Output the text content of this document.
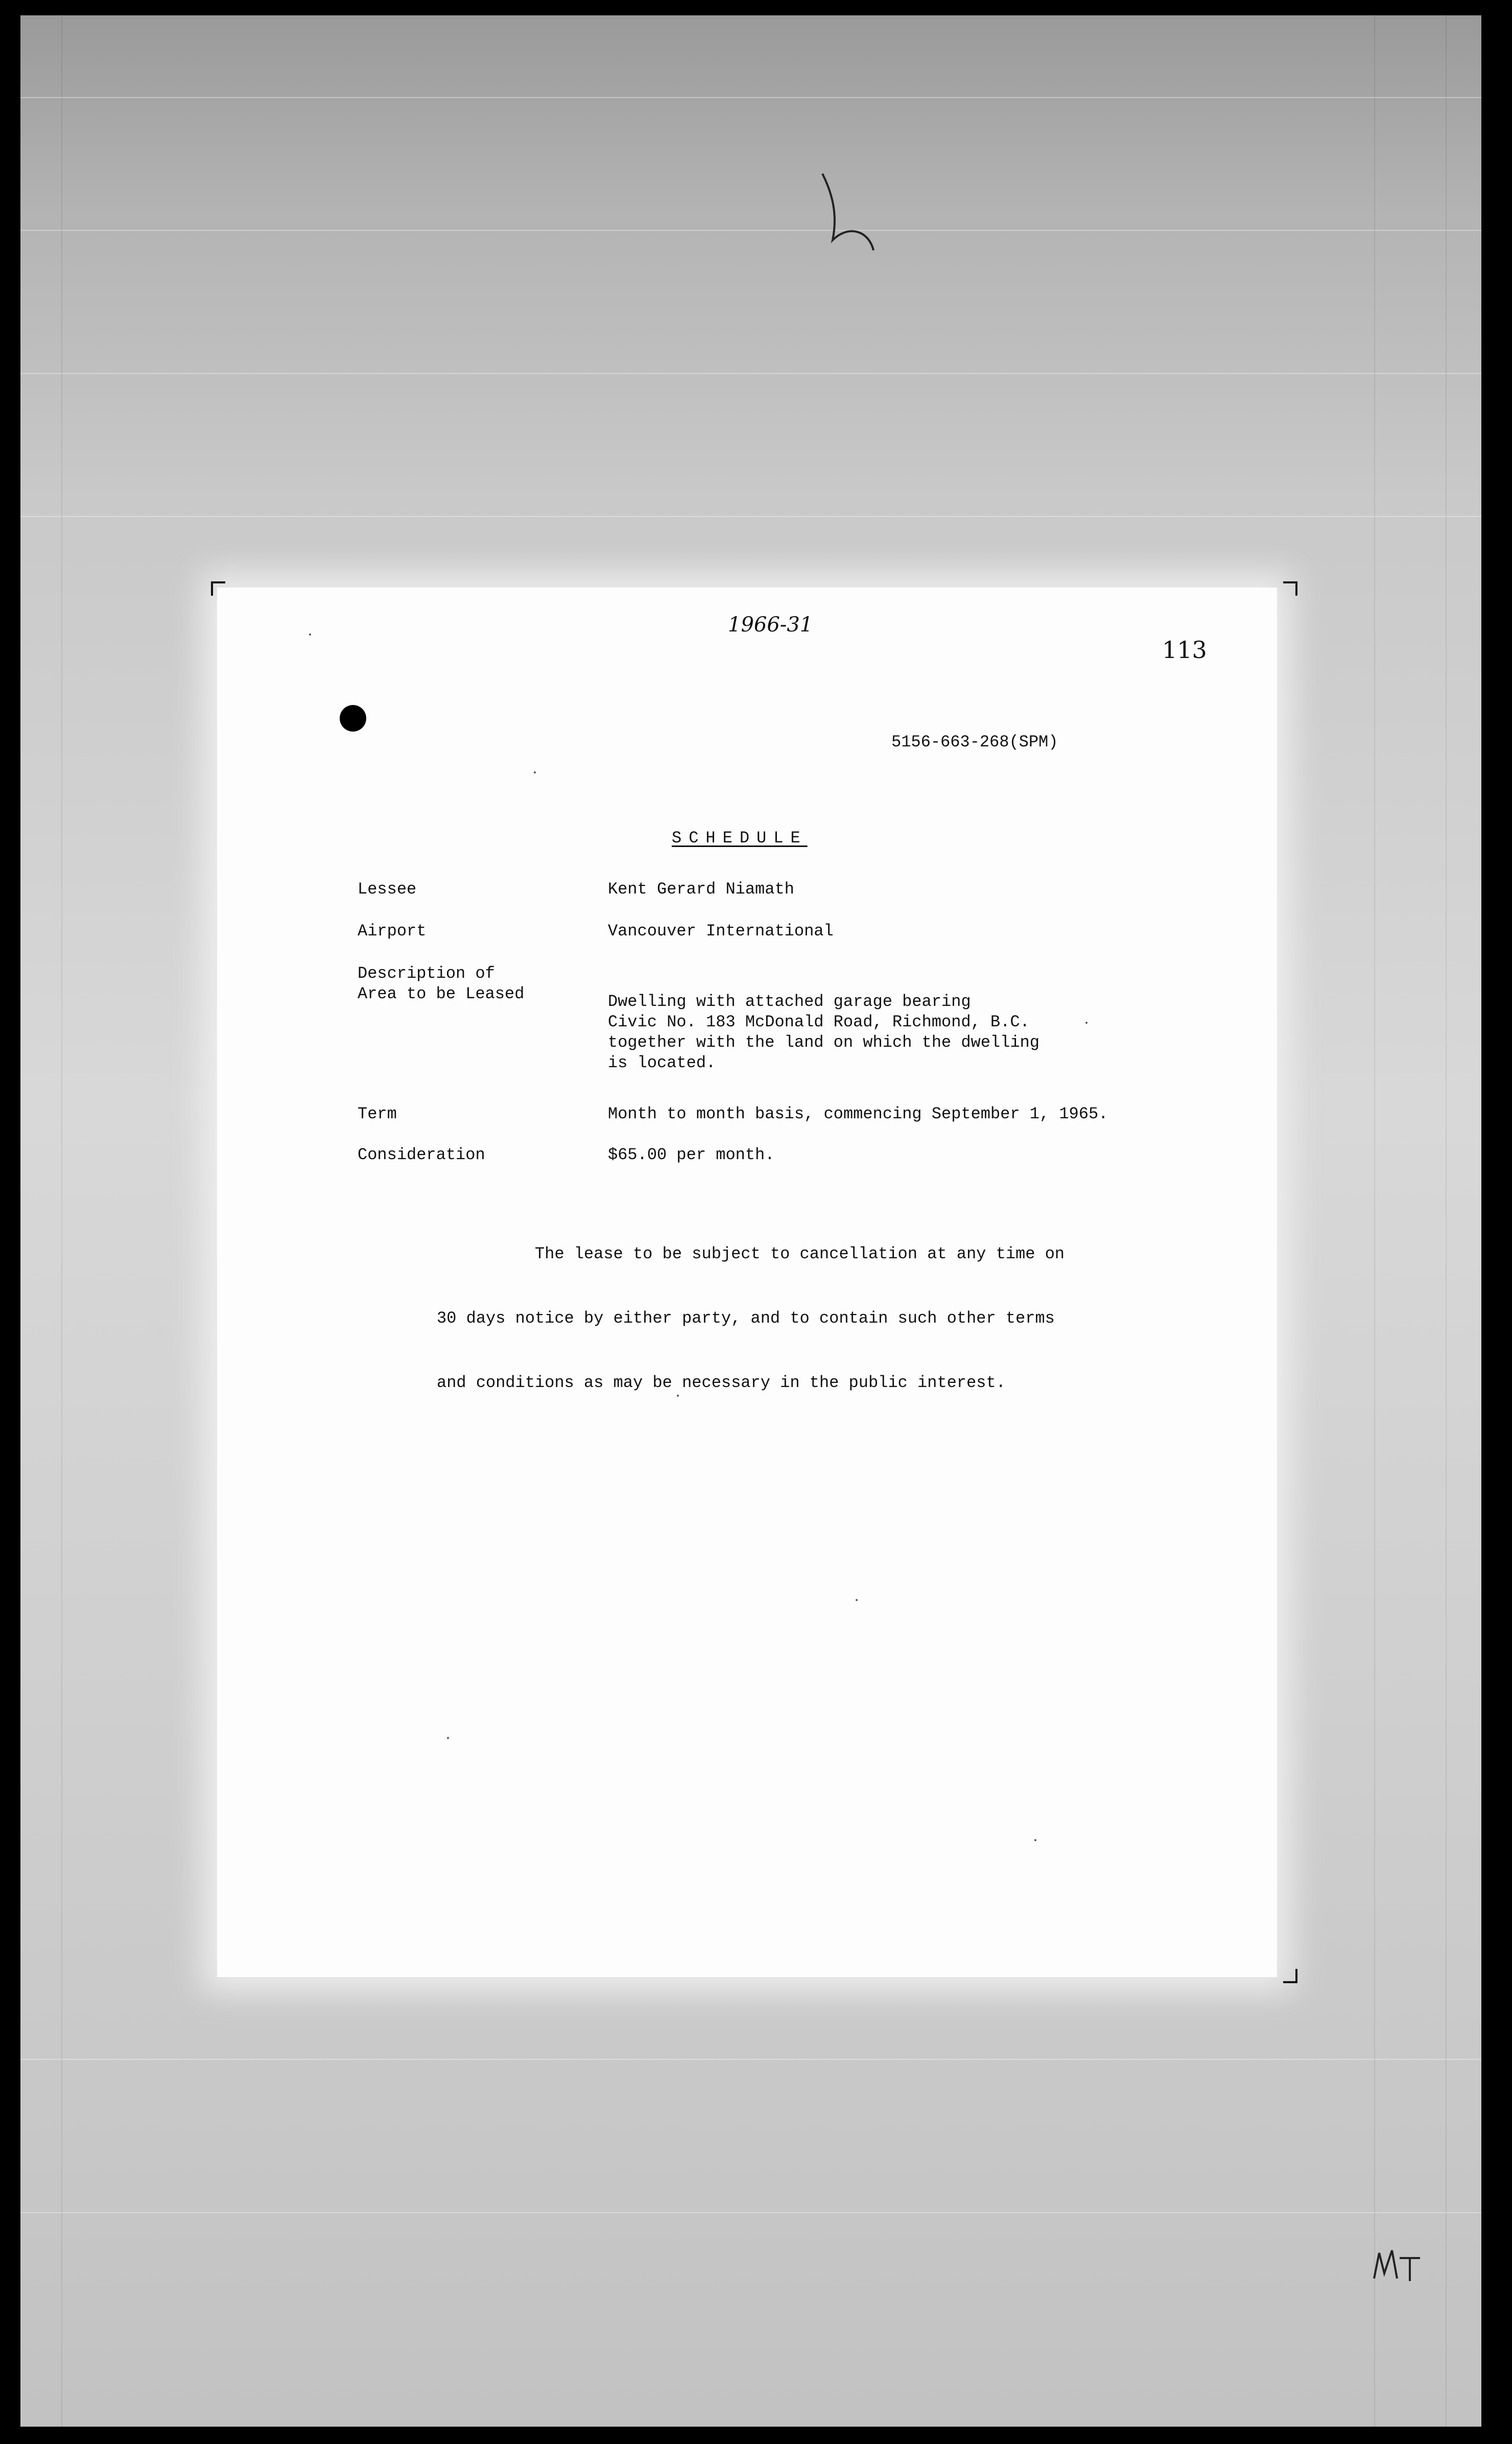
1966-31
113
5156-663-268(SPM)
SCHEDULE
Lessee	Kent Gerard Niamath
Airport	Vancouver International
Description of
Area to be Leased	Dwelling with attached garage bearing
Civic No. 183 McDonald Road, Richmond, B.C.
together with the land on which the dwelling
is located.
Term	Month to month basis, commencing September 1, 1965.
Consideration	$65.00 per month.

The lease to be subject to cancellation at any time on

30 days notice by either party, and to contain such other terms

and conditions as may be necessary in the public interest.
